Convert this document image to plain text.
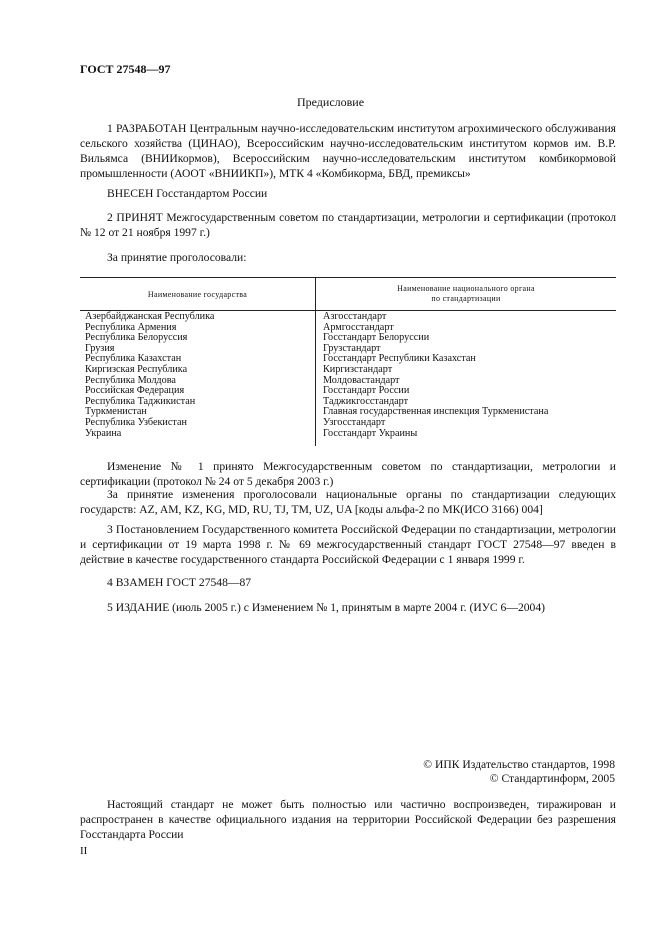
ГОСТ 27548—97
Предисловие
1 РАЗРАБОТАН Центральным научно-исследовательским институтом агрохимического обслуживания сельского хозяйства (ЦИНАО), Всероссийским научно-исследовательским институтом кормов им. В.Р. Вильямса (ВНИИкормов), Всероссийским научно-исследовательским институтом комбикормовой промышленности (АООТ «ВНИИКП»), МТК 4 «Комбикорма, БВД, премиксы»
ВНЕСЕН Госстандартом России
2 ПРИНЯТ Межгосударственным советом по стандартизации, метрологии и сертификации (протокол № 12 от 21 ноября 1997 г.)
За принятие проголосовали:
Наименование государства
Наименование национального органа
по стандартизации
Азербайджанская Республика
Республика Армения
Республика Белоруссия
Грузия
Республика Казахстан
Киргизская Республика
Республика Молдова
Российская Федерация
Республика Таджикистан
Туркменистан
Республика Узбекистан
Украина
Азгосстандарт
Армгосстандарт
Госстандарт Белоруссии
Грузстандарт
Госстандарт Республики Казахстан
Киргизстандарт
Молдовастандарт
Госстандарт России
Таджикгосстандарт
Главная государственная инспекция Туркменистана
Узгосстандарт
Госстандарт Украины
Изменение № 1 принято Межгосударственным советом по стандартизации, метрологии и сертификации (протокол № 24 от 5 декабря 2003 г.)
За принятие изменения проголосовали национальные органы по стандартизации следующих государств: AZ, AM, KZ, KG, MD, RU, TJ, TM, UZ, UA [коды альфа-2 по МК(ИСО 3166) 004]
3 Постановлением Государственного комитета Российской Федерации по стандартизации, метрологии и сертификации от 19 марта 1998 г. № 69 межгосударственный стандарт ГОСТ 27548—97 введен в действие в качестве государственного стандарта Российской Федерации с 1 января 1999 г.
4 ВЗАМЕН ГОСТ 27548—87
5 ИЗДАНИЕ (июль 2005 г.) с Изменением № 1, принятым в марте 2004 г. (ИУС 6—2004)
© ИПК Издательство стандартов, 1998
© Стандартинформ, 2005
Настоящий стандарт не может быть полностью или частично воспроизведен, тиражирован и распространен в качестве официального издания на территории Российской Федерации без разрешения Госстандарта России
II
